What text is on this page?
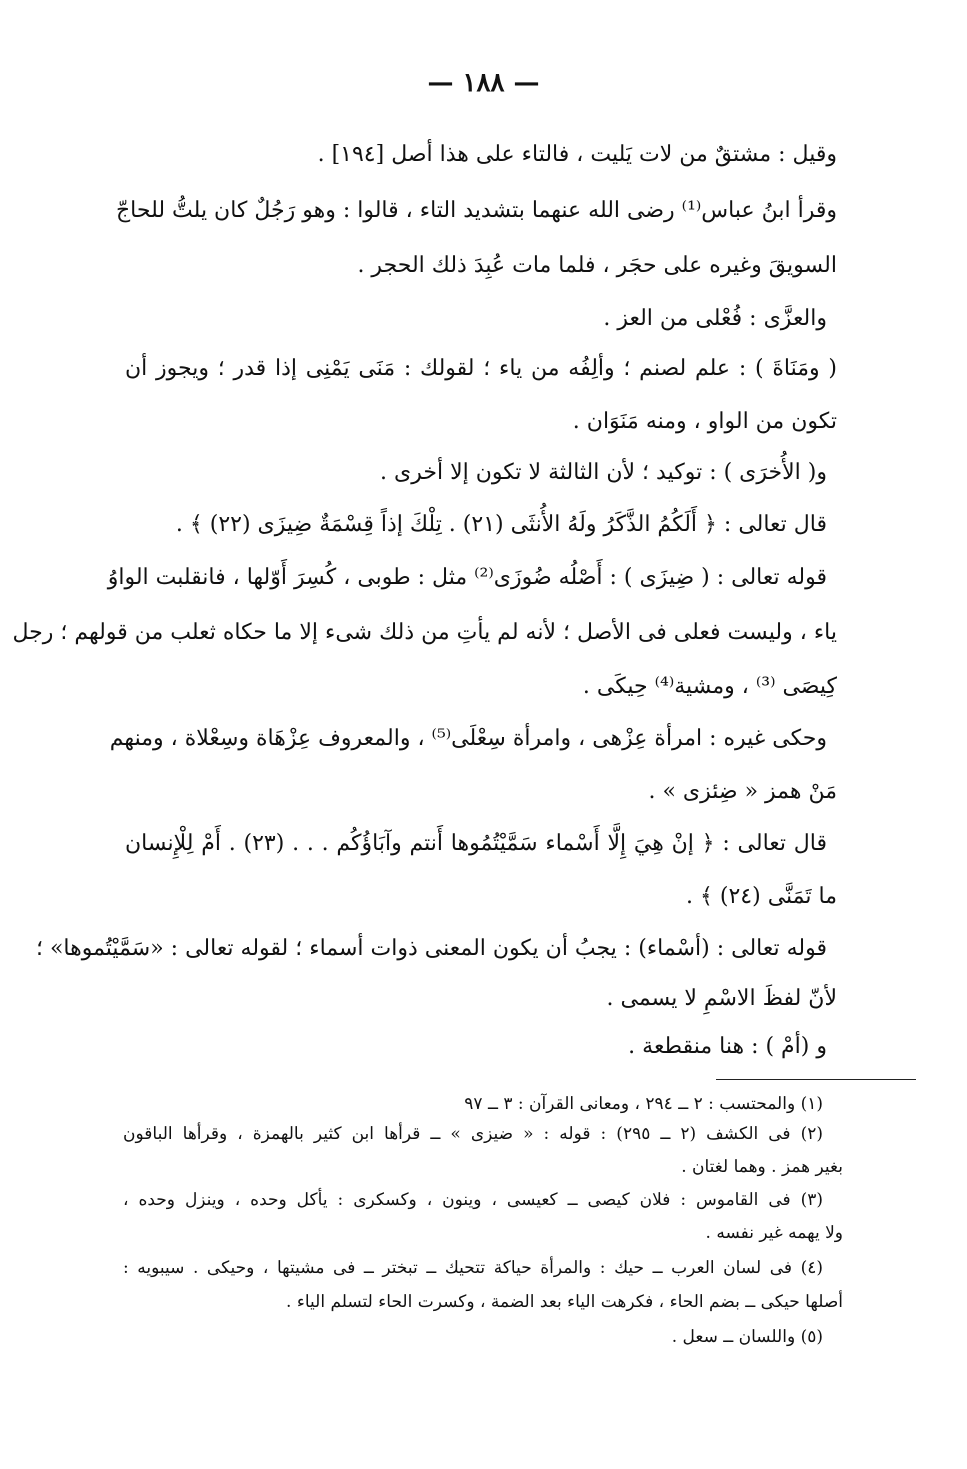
— ١٨٨ —
وقيل : مشتقٌ من لات يَليت ، فالتاء على هذا أصل [١٩٤] .
وقرأ ابنُ عباس⁽¹⁾ رضى الله عنهما بتشديد التاء ، قالوا : وهو رَجُلٌ كان يلتُّ للحاجّ
السويقَ وغيره على حجَر ، فلما مات عُبِدَ ذلك الحجر .
والعزَّى : فُعْلى من العز .
( ومَنَاةَ ) : علم لصنم ؛ وألِفُه من ياء ؛ لقولك : مَنَى يَمْنِى إذا قدر ؛ ويجوز أن
تكون من الواو ، ومنه مَنَوَان .
و( الأُخرَى ) : توكيد ؛ لأن الثالثة لا تكون إلا أخرى .
قال تعالى : ﴿ أَلَكُمُ الذَّكَرُ ولَهُ الأُنثَى (٢١) . تِلْكَ إذاً قِسْمَةٌ ضِيزَى (٢٢) ﴾ .
قوله تعالى : ( ضِيزَى ) : أَصْلُه ضُوزَى⁽²⁾ مثل : طوبى ، كُسِرَ أَوّلها ، فانقلبت الواوُ
ياء ، وليست فعلى فى الأصل ؛ لأنه لم يأتِ من ذلك شىء إلا ما حكاه ثعلب من قولهم ؛ رجل
كِيصَى ⁽³⁾ ، ومشية⁽⁴⁾ حِيكَى .
وحكى غيره : امرأة عِزْهى ، وامرأة سِعْلَى⁽⁵⁾ ، والمعروف عِزْهَاة وسِعْلاة ، ومنهم
مَنْ همز « ضِئزى » .
قال تعالى : ﴿ إنْ هِيَ إِلَّا أَسْماء سَمَّيْتُمُوها أَنتم وآبَاؤُكُم . . . (٢٣) . أَمْ لِلْإِنسان
ما تَمَنَّى (٢٤) ﴾ .
قوله تعالى : (أسْماء) : يجبُ أن يكون المعنى ذوات أسماء ؛ لقوله تعالى : «سَمَّيْتُموها» ؛
لأنّ لفظَ الاسْمِ لا يسمى .
و (أمْ ) : هنا منقطعة .
(١) والمحتسب : ٢ ــ ٢٩٤ ، ومعانى القرآن : ٣ ــ ٩٧
(٢) فى الكشف (٢ ــ ٢٩٥) : قوله : « ضيزى » ــ قرأها ابن كثير بالهمزة ، وقرأها الباقون
بغير همز . وهما لغتان .
(٣) فى القاموس : فلان كيصى ــ كعيسى ، وينون ، وكسكرى : يأكل وحده ، وينزل وحده ،
ولا يهمه غير نفسه .
(٤) فى لسان العرب ــ حيك : والمرأة حياكة تتحيك ــ تبختر ــ فى مشيتها ، وحيكى . سيبويه :
أصلها حيكى ــ بضم الحاء ، فكرهت الياء بعد الضمة ، وكسرت الحاء لتسلم الياء .
(٥) واللسان ــ سعل .
